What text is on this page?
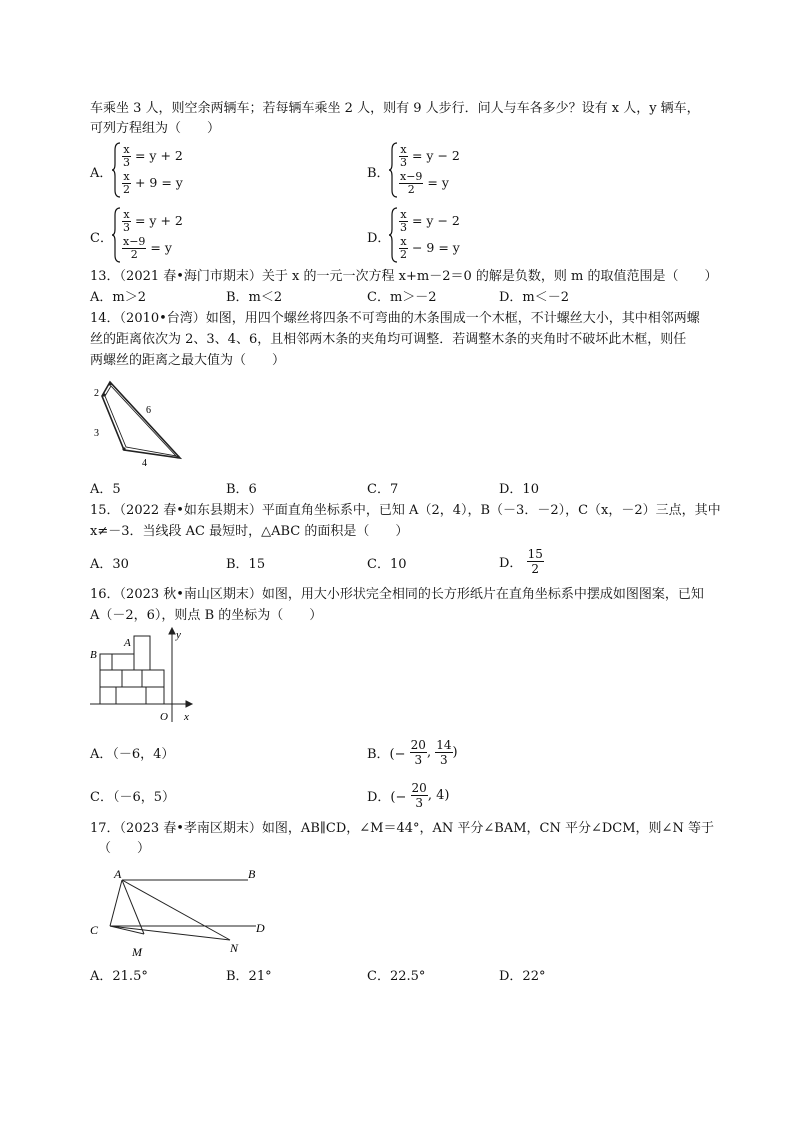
车乘坐 3 人，则空余两辆车；若每辆车乘坐 2 人，则有 9 人步行．问人与车各多少？设有 x 人，y 辆车，
可列方程组为（　　）
A．
$\frac{x}{3} = y + 2$
$\frac{x}{2} + 9 = y$
B．
$\frac{x}{3} = y - 2$
$\frac{x-9}{2} = y$
C．
$\frac{x}{3} = y + 2$
$\frac{x-9}{2} = y$
D．
$\frac{x}{3} = y - 2$
$\frac{x}{2} - 9 = y$
13．（2021 春•海门市期末）关于 x 的一元一次方程 x+m－2＝0 的解是负数，则 m 的取值范围是（　　）
A．m＞2	B．m＜2	C．m＞－2	D．m＜－2
14．（2010•台湾）如图，用四个螺丝将四条不可弯曲的木条围成一个木框，不计螺丝大小，其中相邻两螺
丝的距离依次为 2、3、4、6，且相邻两木条的夹角均可调整．若调整木条的夹角时不破坏此木框，则任
两螺丝的距离之最大值为（　　）
2
6
3
4
A．5	B．6	C．7	D．10
15．（2022 春•如东县期末）平面直角坐标系中，已知 A（2，4），B（－3．－2），C（x，－2）三点，其中
x≠－3．当线段 AC 最短时，△ABC 的面积是（　　）
A．30	B．15	C．10	D． $\frac{15}{2}$
16．（2023 秋•南山区期末）如图，用大小形状完全相同的长方形纸片在直角坐标系中摆成如图图案，已知
A（－2，6），则点 B 的坐标为（　　）
B
A
y
x
O
A．（－6，4）	B．(− $\frac{20}{3}$ , $\frac{14}{3}$ )
C．（－6，5）	D．(− $\frac{20}{3}$ , 4)
17．（2023 春•孝南区期末）如图，AB∥CD，∠M＝44°，AN 平分∠BAM，CN 平分∠DCM，则∠N 等于
（　　）
A	B
C	D
M	N
A．21.5°	B．21°	C．22.5°	D．22°
